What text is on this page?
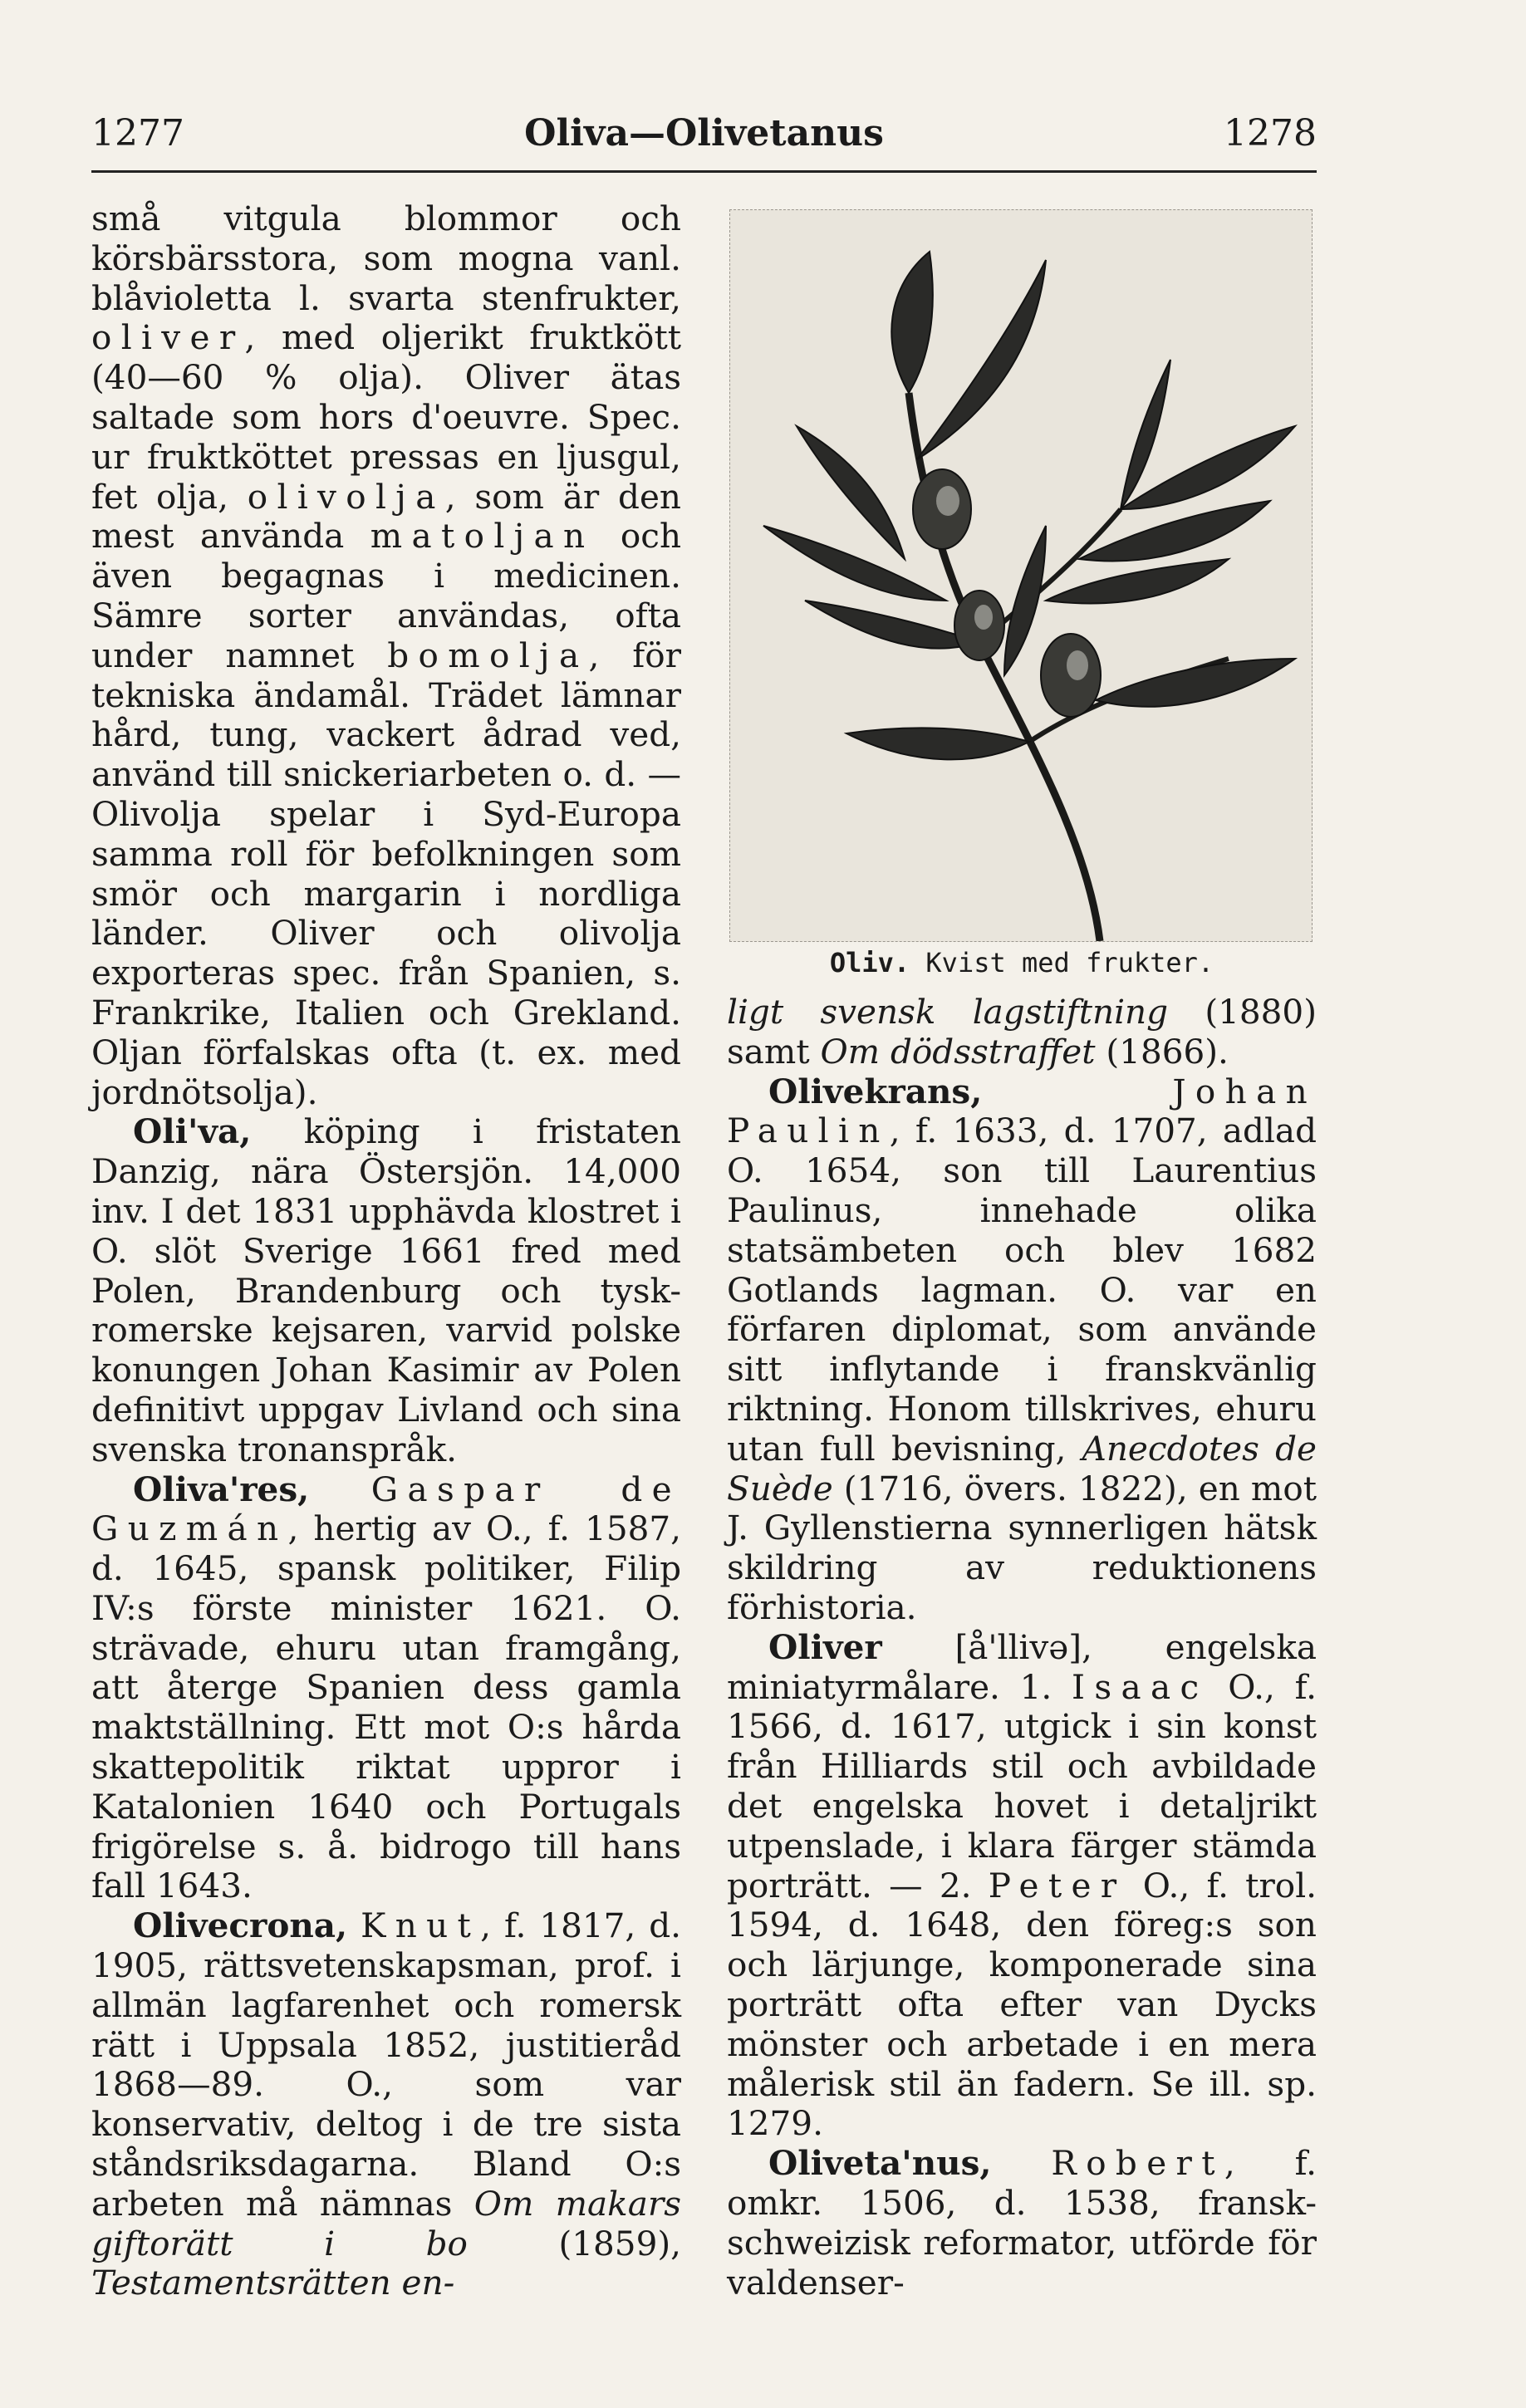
1277	Oliva—Olivetanus	1278

små vitgula blommor och körsbärsstora, som mogna vanl. blåvioletta l. svarta stenfrukter, oliver, med oljerikt fruktkött (40—60 % olja). Oliver ätas saltade som hors d'oeuvre. Spec. ur fruktköttet pressas en ljusgul, fet olja, olivolja, som är den mest använda matoljan och även begagnas i medicinen. Sämre sorter användas, ofta under namnet bomolja, för tekniska ändamål. Trädet lämnar hård, tung, vackert ådrad ved, använd till snickeriarbeten o. d. — Olivolja spelar i Syd-Europa samma roll för befolkningen som smör och margarin i nordliga länder. Oliver och olivolja exporteras spec. från Spanien, s. Frankrike, Italien och Grekland. Oljan förfalskas ofta (t. ex. med jordnötsolja).

Oli'va, köping i fristaten Danzig, nära Östersjön. 14,000 inv. I det 1831 upphävda klostret i O. slöt Sverige 1661 fred med Polen, Brandenburg och tysk-romerske kejsaren, varvid polske konungen Johan Kasimir av Polen definitivt uppgav Livland och sina svenska tronanspråk.

Oliva'res, Gaspar de Guzmán, hertig av O., f. 1587, d. 1645, spansk politiker, Filip IV:s förste minister 1621. O. strävade, ehuru utan framgång, att återge Spanien dess gamla maktställning. Ett mot O:s hårda skattepolitik riktat uppror i Katalonien 1640 och Portugals frigörelse s. å. bidrogo till hans fall 1643.

Olivecrona, Knut, f. 1817, d. 1905, rättsvetenskapsman, prof. i allmän lagfarenhet och romersk rätt i Uppsala 1852, justitieråd 1868—89. O., som var konservativ, deltog i de tre sista ståndsriksdagarna. Bland O:s arbeten må nämnas Om makars giftorätt i bo	(1859), Testamentsrätten en-

Oliv. Kvist med frukter.

ligt svensk lagstiftning (1880) samt Om dödsstraffet (1866).

Olivekrans,	Johan Paulin, f. 1633, d. 1707, adlad O. 1654, son till Laurentius Paulinus, innehade olika statsämbeten och blev 1682 Gotlands lagman. O. var en förfaren diplomat, som använde sitt inflytande i franskvänlig riktning. Honom tillskrives, ehuru utan full bevisning, Anecdotes de Suède (1716, övers. 1822), en mot J. Gyllenstierna synnerligen hätsk skildring av reduktionens förhistoria.

Oliver [å'llivə], engelska miniatyrmålare. 1. Isaac O., f. 1566, d. 1617, utgick i sin konst från Hilliards stil och avbildade det engelska hovet i detaljrikt utpenslade, i klara färger stämda porträtt. — 2. Peter O., f. trol. 1594, d. 1648, den föreg:s son och lärjunge, komponerade sina porträtt ofta efter van Dycks mönster och arbetade i en mera målerisk stil än fadern. Se ill. sp. 1279.

Oliveta'nus, Robert, f. omkr. 1506, d. 1538, fransk-schweizisk reformator, utförde för valdenser-
